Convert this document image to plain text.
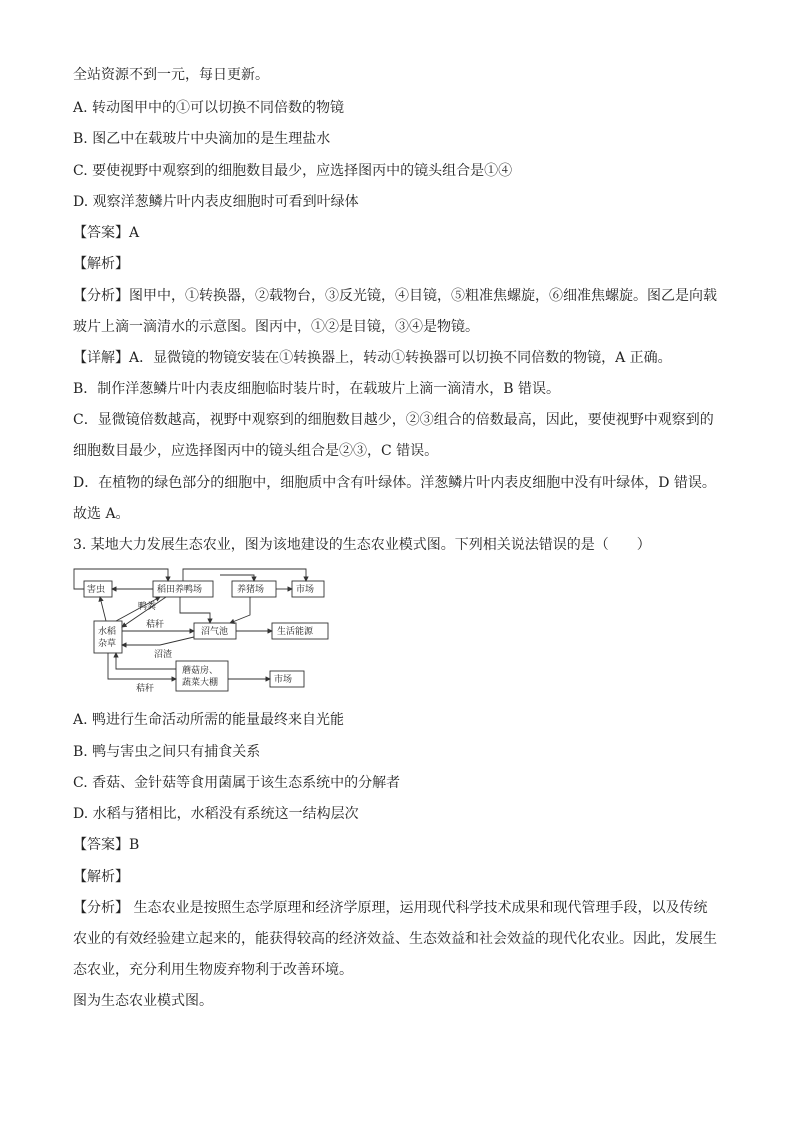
全站资源不到一元，每日更新。
A. 转动图甲中的①可以切换不同倍数的物镜
B. 图乙中在载玻片中央滴加的是生理盐水
C. 要使视野中观察到的细胞数目最少，应选择图丙中的镜头组合是①④
D. 观察洋葱鳞片叶内表皮细胞时可看到叶绿体
【答案】A
【解析】
【分析】图甲中，①转换器，②载物台，③反光镜，④目镜，⑤粗准焦螺旋，⑥细准焦螺旋。图乙是向载
玻片上滴一滴清水的示意图。图丙中，①②是目镜，③④是物镜。
【详解】A．显微镜的物镜安装在①转换器上，转动①转换器可以切换不同倍数的物镜，A 正确。
B．制作洋葱鳞片叶内表皮细胞临时装片时，在载玻片上滴一滴清水，B 错误。
C．显微镜倍数越高，视野中观察到的细胞数目越少，②③组合的倍数最高，因此，要使视野中观察到的
细胞数目最少，应选择图丙中的镜头组合是②③，C 错误。
D．在植物的绿色部分的细胞中，细胞质中含有叶绿体。洋葱鳞片叶内表皮细胞中没有叶绿体，D 错误。
故选 A。
3. 某地大力发展生态农业，图为该地建设的生态农业模式图。下列相关说法错误的是（　　）
害虫	稻田养鸭场	养猪场	市场
水稻
杂草
沼气池	生活能源
蘑菇房、
蔬菜大棚	市场
鸭粪
秸秆
沼渣
秸秆
A. 鸭进行生命活动所需的能量最终来自光能
B. 鸭与害虫之间只有捕食关系
C. 香菇、金针菇等食用菌属于该生态系统中的分解者
D. 水稻与猪相比，水稻没有系统这一结构层次
【答案】B
【解析】
【分析】 生态农业是按照生态学原理和经济学原理，运用现代科学技术成果和现代管理手段，以及传统
农业的有效经验建立起来的，能获得较高的经济效益、生态效益和社会效益的现代化农业。因此，发展生
态农业，充分利用生物废弃物利于改善环境。
图为生态农业模式图。
